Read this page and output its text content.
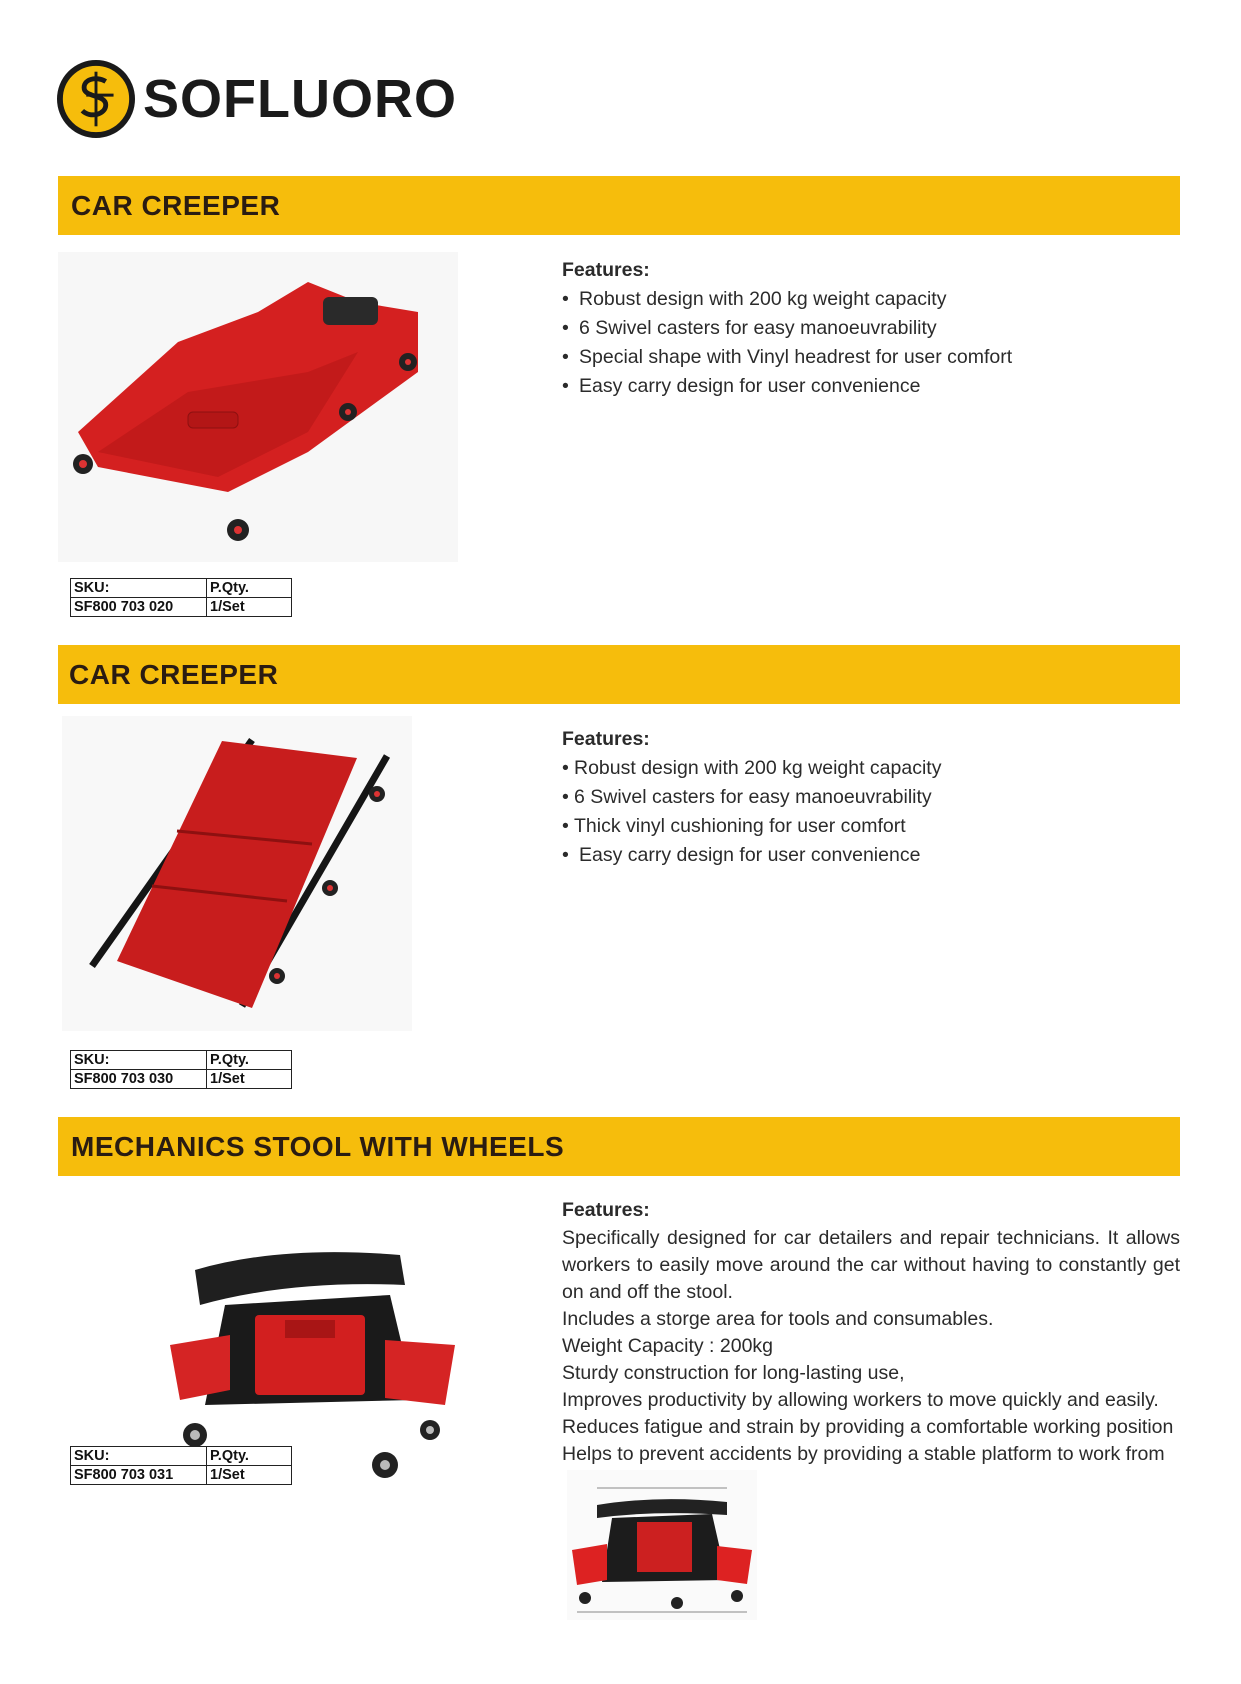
SOFLUORO
CAR CREEPER
Features:
• Robust design with 200 kg weight capacity
• 6 Swivel casters for easy manoeuvrability
• Special shape with Vinyl headrest for user comfort
• Easy carry design for user convenience
SKU:	P.Qty.
SF800 703 020	1/Set
CAR CREEPER
Features:
• Robust design with 200 kg weight capacity
• 6 Swivel casters for easy manoeuvrability
• Thick vinyl cushioning for user comfort
• Easy carry design for user convenience
SKU:	P.Qty.
SF800 703 030	1/Set
MECHANICS STOOL WITH WHEELS
Features:
Specifically designed for car detailers and repair technicians. It allows workers to easily move around the car without having to constantly get on and off the stool.
Includes a storge area for tools and consumables.
Weight Capacity : 200kg
Sturdy construction for long-lasting use,
Improves productivity by allowing workers to move quickly and easily.
Reduces fatigue and strain by providing a comfortable working position
Helps to prevent accidents by providing a stable platform to work from
SKU:	P.Qty.
SF800 703 031	1/Set
